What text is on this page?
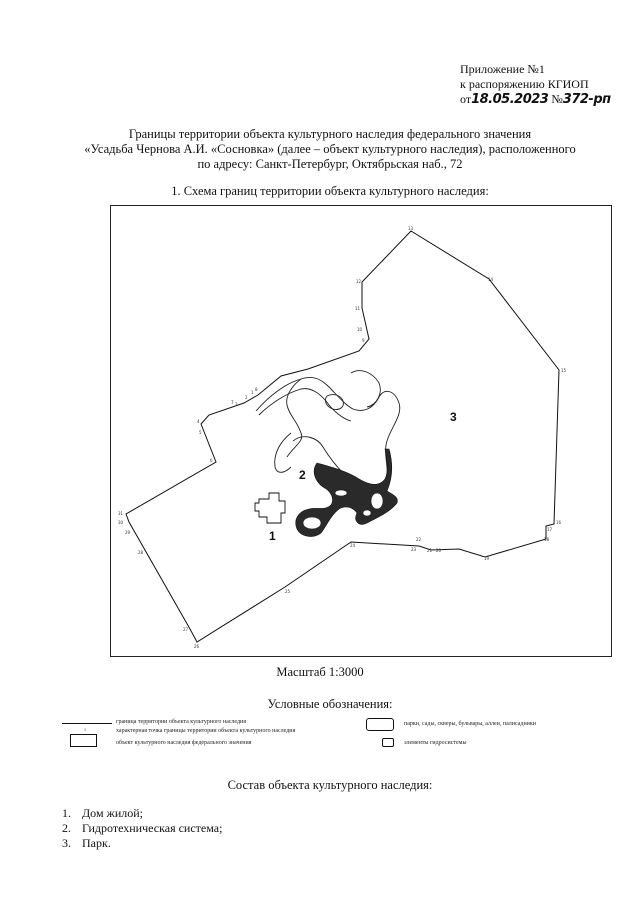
Приложение №1
к распоряжению КГИОП
от18.05.2023 №372-рп
Границы территории объекта культурного наследия федерального значения
«Усадьба Чернова А.И. «Сосновка» (далее – объект культурного наследия), расположенного
по адресу: Санкт-Петербург, Октябрьская наб., 72
1. Схема границ территории объекта культурного наследия:
1
2
3
1
2
3
4
5
6
7
8
9
10
11
12
13
14
15
16
17
18
19
20
21
22
23
24
25
26
27
28
29
30
31
Масштаб 1:3000
Условные обозначения:
граница территории объекта культурного наследия
1	характерная точка границы территории объекта культурного наследия
объект культурного наследия федерального значения
парки, сады, скверы, бульвары, аллеи, палисадники
элементы гидросистемы
Состав объекта культурного наследия:
1. Дом жилой;
2. Гидротехническая система;
3. Парк.
